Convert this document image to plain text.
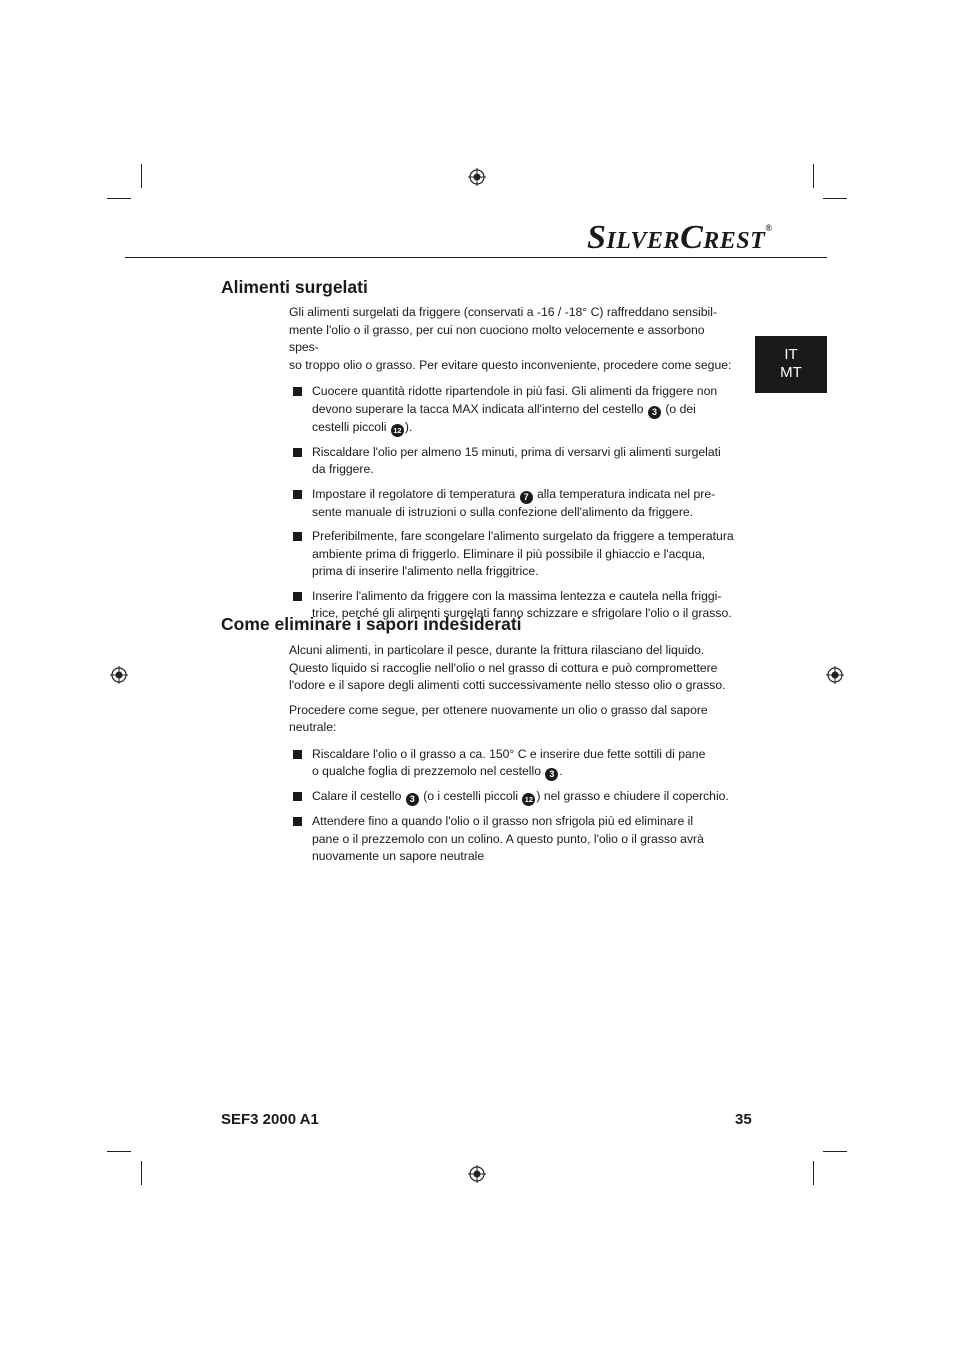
SILVERCREST®
IT
MT
Alimenti surgelati

Gli alimenti surgelati da friggere (conservati a -16 / -18° C) raffreddano sensibil-
mente l'olio o il grasso, per cui non cuociono molto velocemente e assorbono spes-
so troppo olio o grasso. Per evitare questo inconveniente, procedere come segue:

Cuocere quantità ridotte ripartendole in più fasi. Gli alimenti da friggere non
devono superare la tacca MAX indicata all'interno del cestello 3 (o dei
cestelli piccoli 12 ).
Riscaldare l'olio per almeno 15 minuti, prima di versarvi gli alimenti surgelati
da friggere.
Impostare il regolatore di temperatura 7 alla temperatura indicata nel pre-
sente manuale di istruzioni o sulla confezione dell'alimento da friggere.
Preferibilmente, fare scongelare l'alimento surgelato da friggere a temperatura
ambiente prima di friggerlo. Eliminare il più possibile il ghiaccio e l'acqua,
prima di inserire l'alimento nella friggitrice.
Inserire l'alimento da friggere con la massima lentezza e cautela nella friggi-
trice, perché gli alimenti surgelati fanno schizzare e sfrigolare l'olio o il grasso.
Come eliminare i sapori indesiderati

Alcuni alimenti, in particolare il pesce, durante la frittura rilasciano del liquido.
Questo liquido si raccoglie nell'olio o nel grasso di cottura e può compromettere
l'odore e il sapore degli alimenti cotti successivamente nello stesso olio o grasso.

Procedere come segue, per ottenere nuovamente un olio o grasso dal sapore
neutrale:

Riscaldare l'olio o il grasso a ca. 150° C e inserire due fette sottili di pane
o qualche foglia di prezzemolo nel cestello 3 .
Calare il cestello 3 (o i cestelli piccoli 12 ) nel grasso e chiudere il coperchio.
Attendere fino a quando l'olio o il grasso non sfrigola più ed eliminare il
pane o il prezzemolo con un colino. A questo punto, l'olio o il grasso avrà
nuovamente un sapore neutrale
SEF3 2000 A1	35
